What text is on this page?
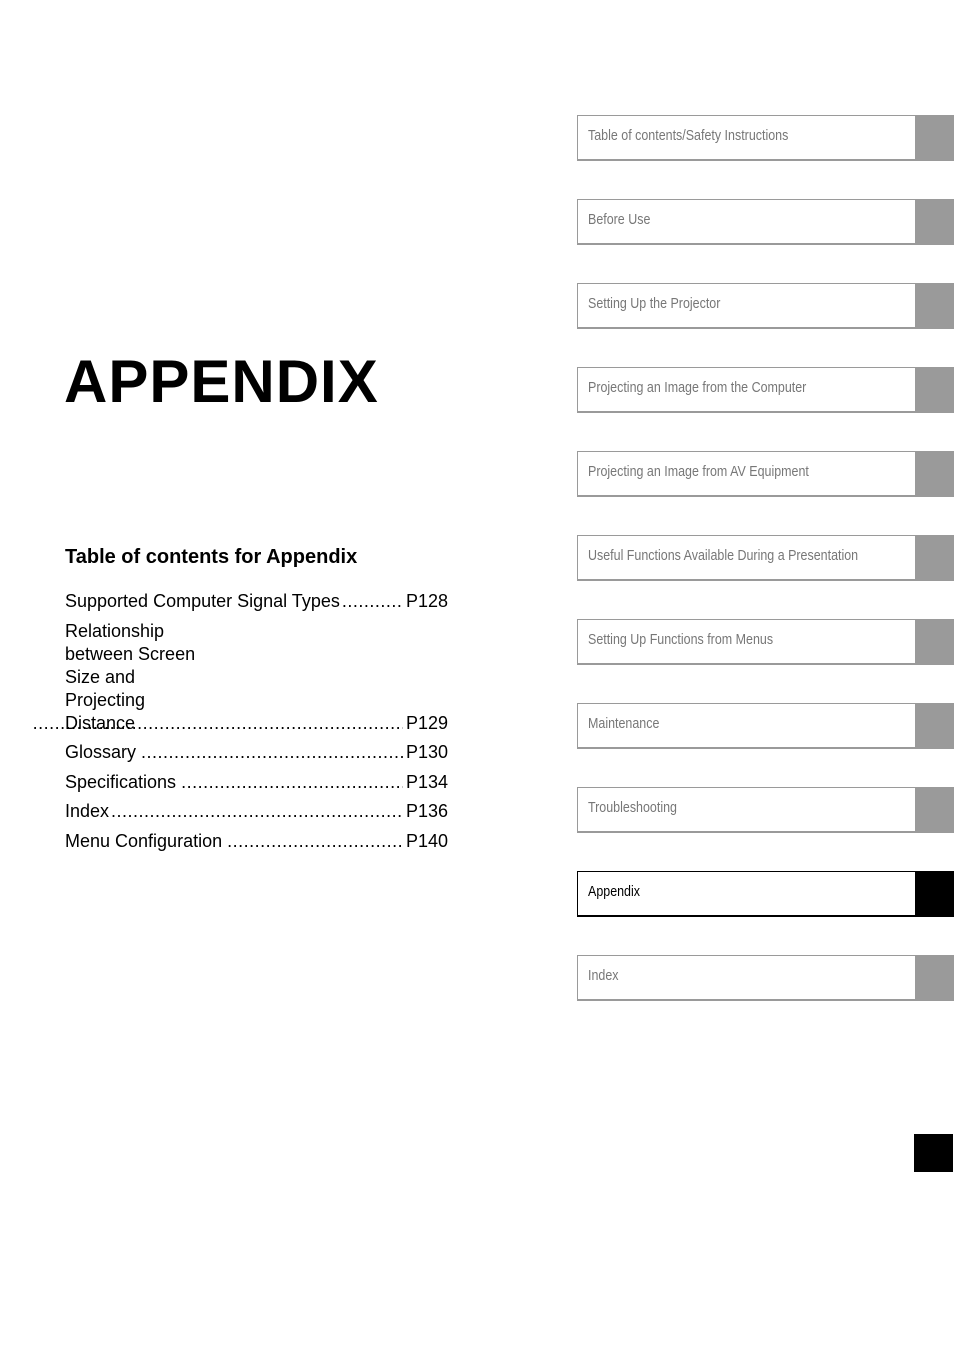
APPENDIX
Table of contents for Appendix
Supported Computer Signal Types .....	P128
Relationship between Screen Size and Projecting Distance .....	P129
Glossary .....	P130
Specifications .....	P134
Index .....	P136
Menu Configuration .....	P140
Table of contents/Safety Instructions
Before Use
Setting Up the Projector
Projecting an Image from the Computer
Projecting an Image from AV Equipment
Useful Functions Available During a Presentation
Setting Up Functions from Menus
Maintenance
Troubleshooting
Appendix
Index
